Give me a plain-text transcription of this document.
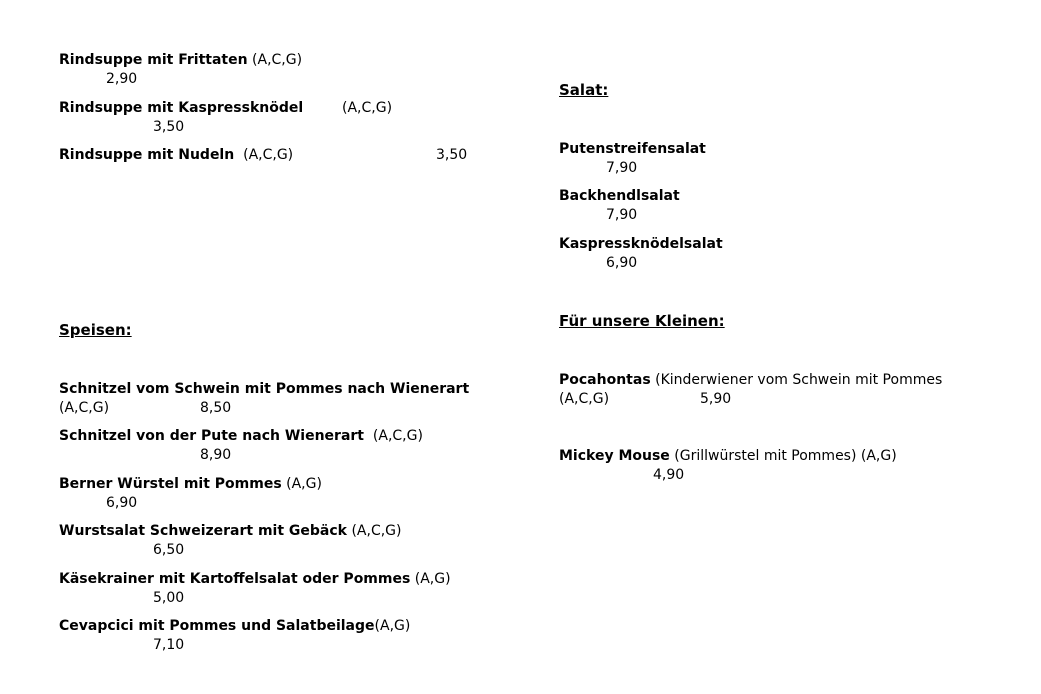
Rindsuppe mit Frittaten (A,C,G)
2,90
Rindsuppe mit Kaspressknödel	(A,C,G)
3,50
Rindsuppe mit Nudeln (A,C,G)	3,50
Speisen:
Schnitzel vom Schwein mit Pommes nach Wienerart
(A,C,G)	8,50
Schnitzel von der Pute nach Wienerart (A,C,G)
8,90
Berner Würstel mit Pommes (A,G)
6,90
Wurstsalat Schweizerart mit Gebäck (A,C,G)
6,50
Käsekrainer mit Kartoffelsalat oder Pommes (A,G)
5,00
Cevapcici mit Pommes und Salatbeilage(A,G)
7,10
Salat:
Putenstreifensalat
7,90
Backhendlsalat
7,90
Kaspressknödelsalat
6,90
Für unsere Kleinen:
Pocahontas (Kinderwiener vom Schwein mit Pommes
(A,C,G)	5,90
Mickey Mouse (Grillwürstel mit Pommes) (A,G)
4,90
